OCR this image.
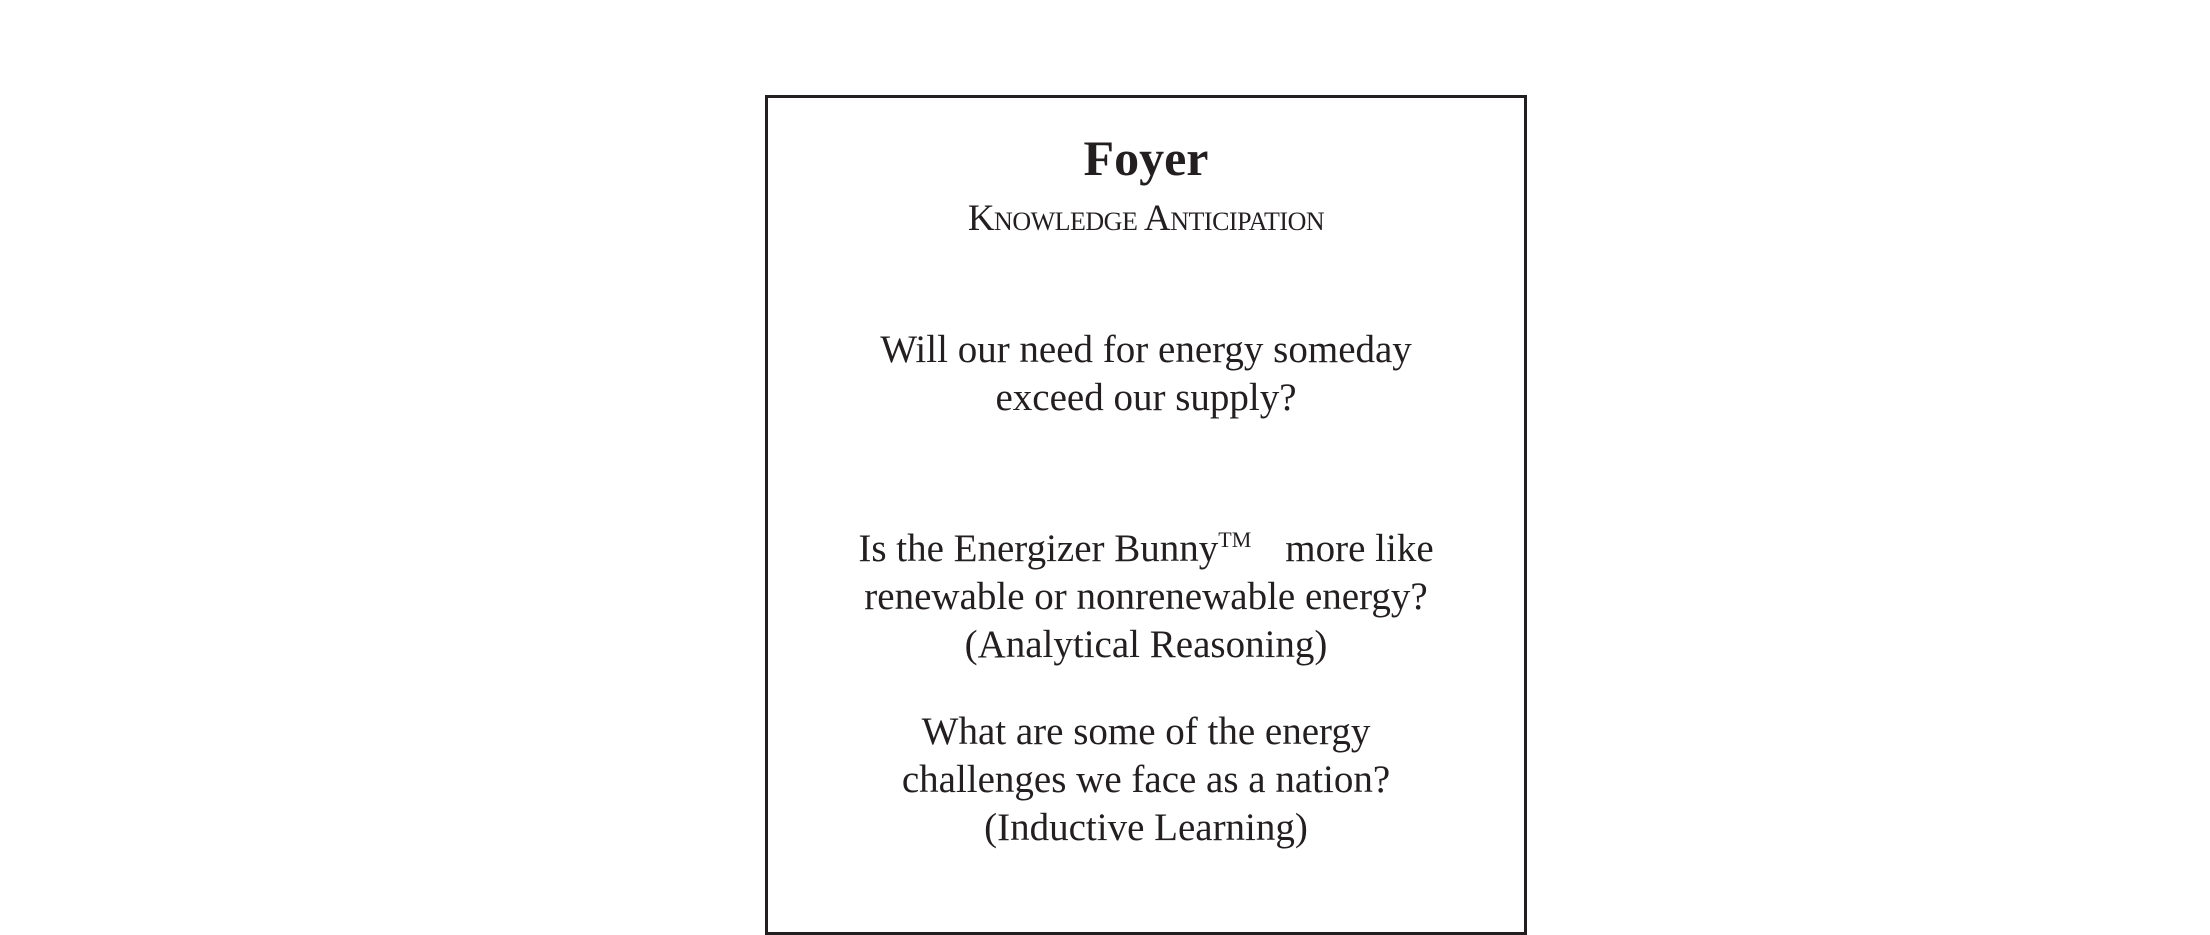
Foyer
Knowledge Anticipation
Will our need for energy someday
exceed our supply?
Is the Energizer Bunny™ more like
renewable or nonrenewable energy?
(Analytical Reasoning)
What are some of the energy
challenges we face as a nation?
(Inductive Learning)
